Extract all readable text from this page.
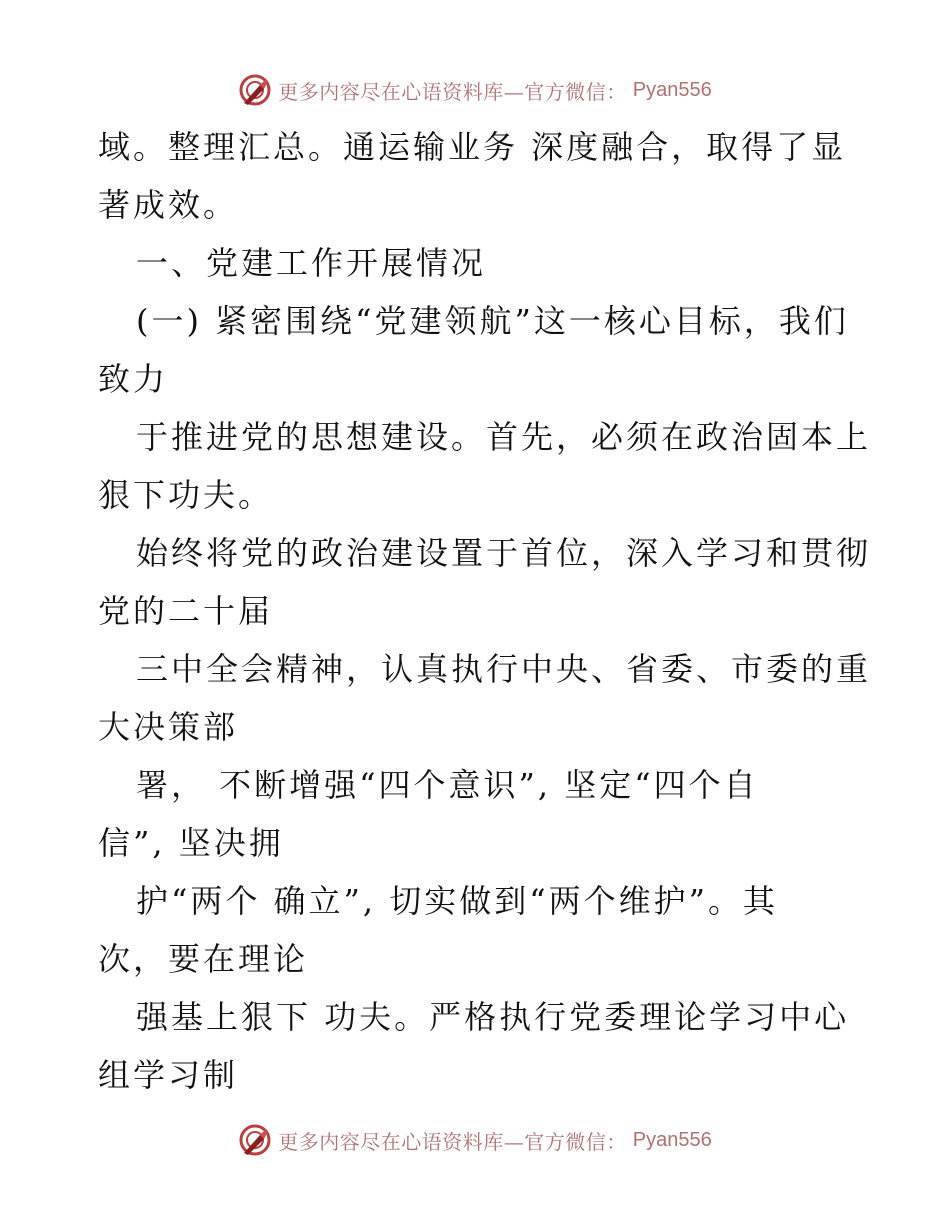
更多内容尽在心语资料库—官方微信： Pyan556
域。整理汇总。通运输业务 深度融合，取得了显
著成效。
一、党建工作开展情况
(一) 紧密围绕“党建领航”这一核心目标，我们
致力
于推进党的思想建设。首先，必须在政治固本上
狠下功夫。
始终将党的政治建设置于首位，深入学习和贯彻
党的二十届
三中全会精神，认真执行中央、省委、市委的重
大决策部
署， 不断增强“四个意识”, 坚定“四个自
信”, 坚决拥
护“两个 确立”, 切实做到“两个维护”。其
次，要在理论
强基上狠下 功夫。严格执行党委理论学习中心
组学习制
更多内容尽在心语资料库—官方微信： Pyan556
